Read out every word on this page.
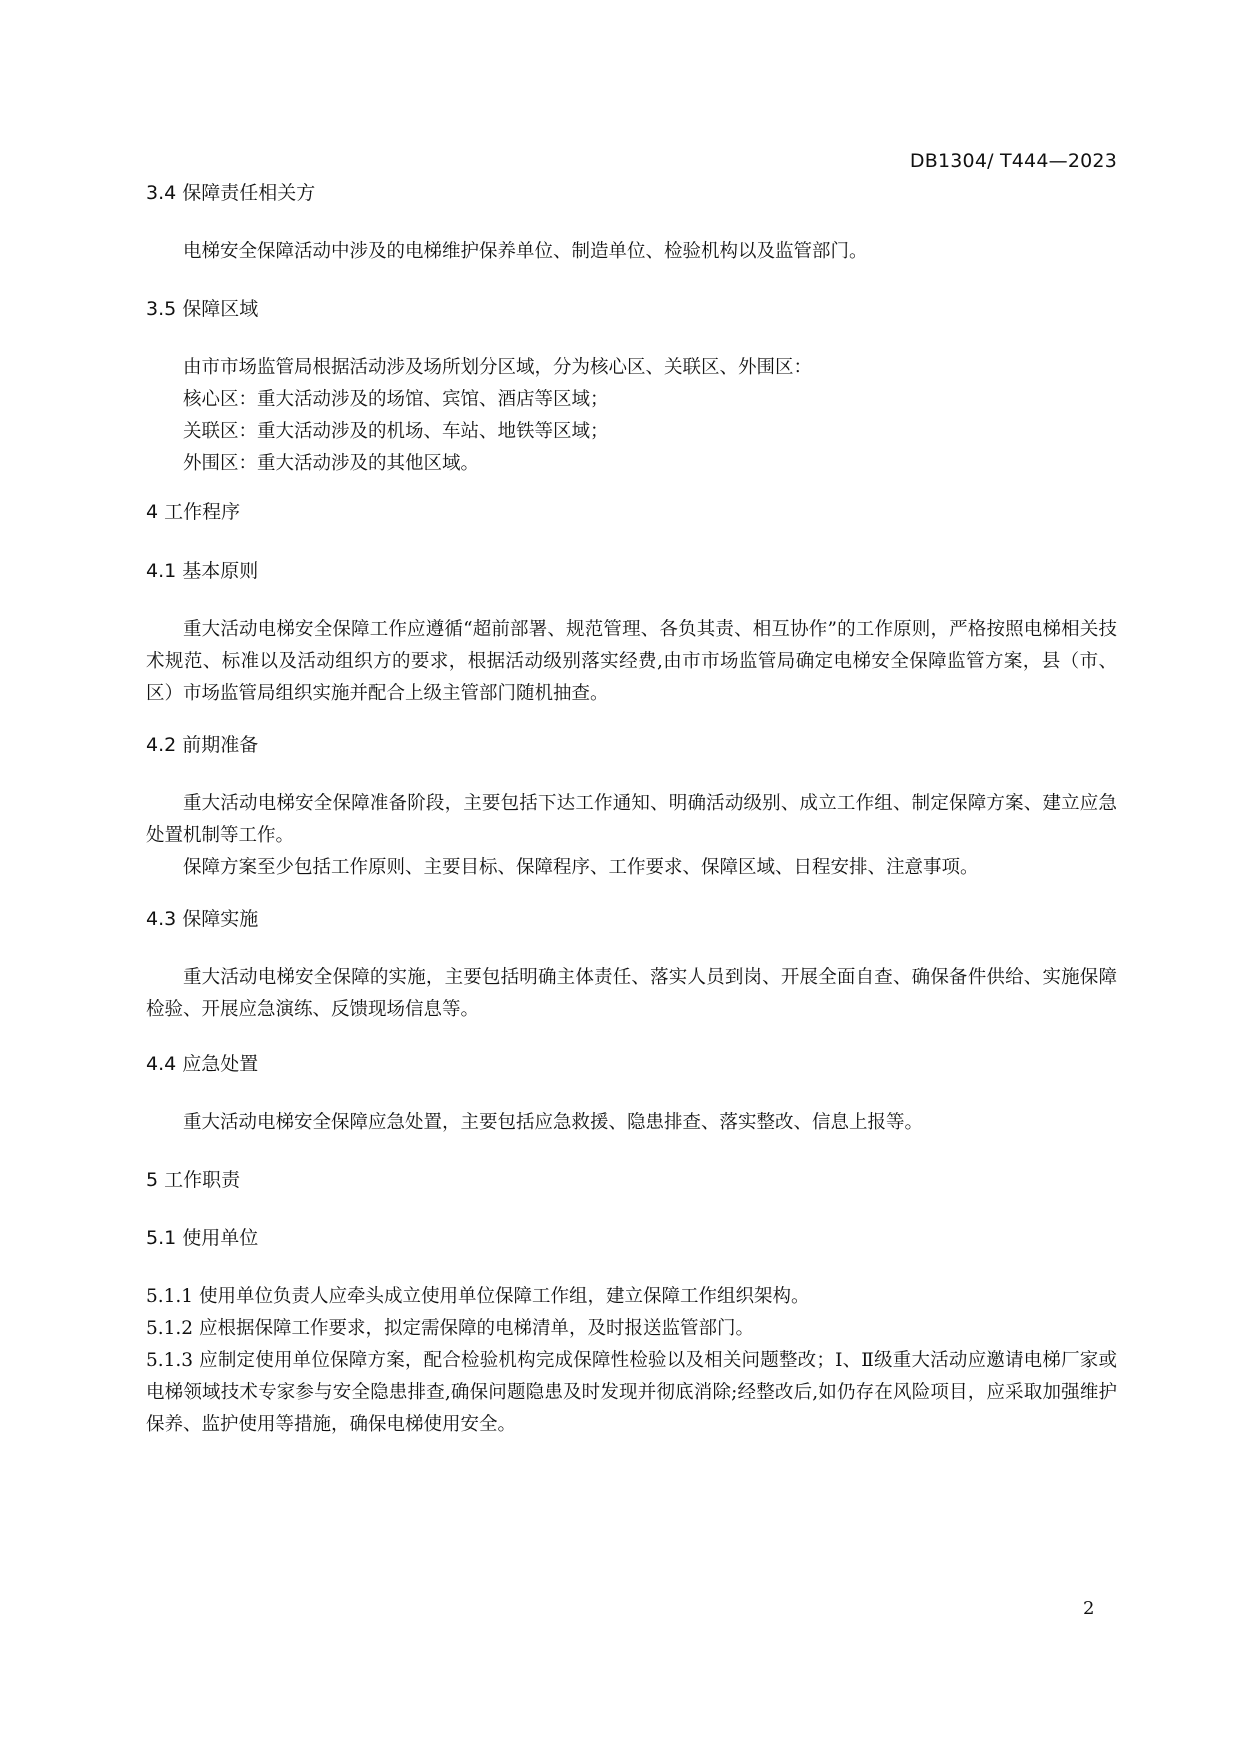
DB1304/ T444—2023
3.4 保障责任相关方

电梯安全保障活动中涉及的电梯维护保养单位、制造单位、检验机构以及监管部门。

3.5 保障区域

由市市场监管局根据活动涉及场所划分区域，分为核心区、关联区、外围区：

核心区：重大活动涉及的场馆、宾馆、酒店等区域；

关联区：重大活动涉及的机场、车站、地铁等区域；

外围区：重大活动涉及的其他区域。

4 工作程序
4.1 基本原则

重大活动电梯安全保障工作应遵循“超前部署、规范管理、各负其责、相互协作”的工作原则，严格按照电梯相关技术规范、标准以及活动组织方的要求，根据活动级别落实经费,由市市场监管局确定电梯安全保障监管方案，县（市、区）市场监管局组织实施并配合上级主管部门随机抽查。

4.2 前期准备

重大活动电梯安全保障准备阶段，主要包括下达工作通知、明确活动级别、成立工作组、制定保障方案、建立应急处置机制等工作。

保障方案至少包括工作原则、主要目标、保障程序、工作要求、保障区域、日程安排、注意事项。

4.3 保障实施

重大活动电梯安全保障的实施，主要包括明确主体责任、落实人员到岗、开展全面自查、确保备件供给、实施保障检验、开展应急演练、反馈现场信息等。

4.4 应急处置

重大活动电梯安全保障应急处置，主要包括应急救援、隐患排查、落实整改、信息上报等。

5 工作职责
5.1 使用单位

5.1.1 使用单位负责人应牵头成立使用单位保障工作组，建立保障工作组织架构。

5.1.2 应根据保障工作要求，拟定需保障的电梯清单，及时报送监管部门。

5.1.3 应制定使用单位保障方案，配合检验机构完成保障性检验以及相关问题整改；Ⅰ、Ⅱ级重大活动应邀请电梯厂家或电梯领域技术专家参与安全隐患排查,确保问题隐患及时发现并彻底消除;经整改后,如仍存在风险项目，应采取加强维护保养、监护使用等措施，确保电梯使用安全。

2
